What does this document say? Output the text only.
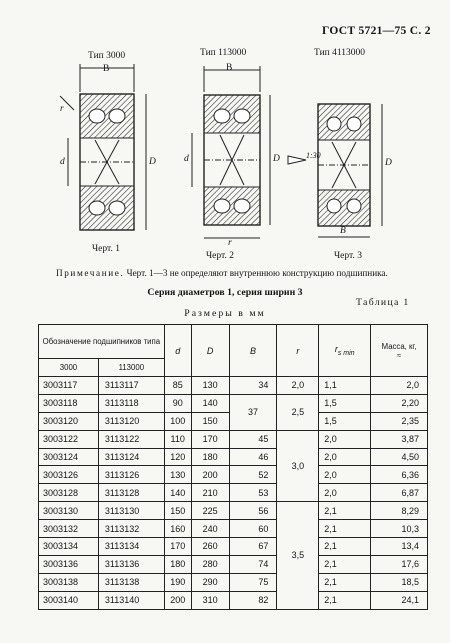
ГОСТ 5721—75 С. 2
Тип 3000	Тип 113000	Тип 4113000
B
d	D
r
B
d	D
r
D
B
1:30
Черт. 1
Черт. 2	Черт. 3
Примечание. Черт. 1—3 не определяют внутреннюю конструкцию подшипника.
Серия диаметров 1, серия ширин 3
Таблица 1
Размеры в мм
Обозначение подшипников типа		d	D	B	r	$r_{s min}$	Масса, кг,
≈

3000	113000						
3003117	3113117	85	130	34	2,0	1,1	2,0
3003118	3113118	90	140	37	2,5	1,5	2,20
3003120	3113120	100	150			1,5	2,35
3003122	3113122	110	170	45	3,0	2,0	3,87
3003124	3113124	120	180	46		2,0	4,50
3003126	3113126	130	200	52		2,0	6,36
3003128	3113128	140	210	53		2,0	6,87
3003130	3113130	150	225	56	3,5	2,1	8,29
3003132	3113132	160	240	60		2,1	10,3
3003134	3113134	170	260	67		2,1	13,4
3003136	3113136	180	280	74		2,1	17,6
3003138	3113138	190	290	75		2,1	18,5
3003140	3113140	200	310	82		2,1	24,1
